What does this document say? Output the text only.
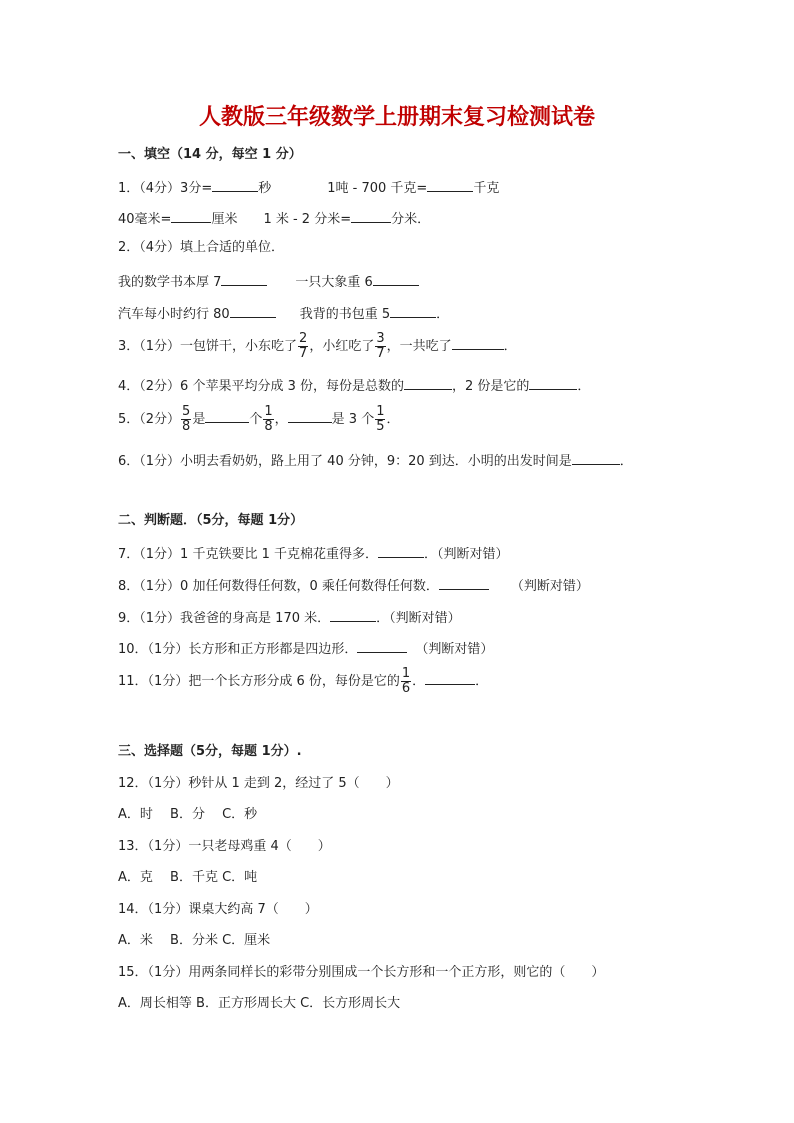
人教版三年级数学上册期末复习检测试卷
一、填空（14 分，每空 1 分）
1．（4分）3分=	秒	1吨 - 700 千克=	千克
40毫米=	厘米 1 米 - 2 分米=	分米．
2．（4分）填上合适的单位．
我的数学书本厚 7	一只大象重 6
汽车每小时约行 80	我背的书包重 5	．
3．（1分）一包饼干，小东吃了 $\frac{2}{7}$ ，小红吃了 $\frac{3}{7}$ ，一共吃了	．
4．（2分）6 个苹果平均分成 3 份，每份是总数的	，2 份是它的	．
5．（2分） $\frac{5}{8}$ 是	个 $\frac{1}{8}$ ，	是 3 个 $\frac{1}{5}$ ．
6．（1分）小明去看奶奶，路上用了 40 分钟，9：20 到达．小明的出发时间是	．
二、判断题．（5分，每题 1分）
7．（1分）1 千克铁要比 1 千克棉花重得多．	．（判断对错）
8．（1分）0 加任何数得任何数，0 乘任何数得任何数．	（判断对错）
9．（1分）我爸爸的身高是 170 米．	．（判断对错）
10．（1分）长方形和正方形都是四边形．	（判断对错）
11．（1分）把一个长方形分成 6 份，每份是它的 $\frac{1}{6}$ ．	．
三、选择题（5分，每题 1分）.
12．（1分）秒针从 1 走到 2，经过了 5（　　）
A．时　 B．分　 C．秒
13．（1分）一只老母鸡重 4（　　）
A．克　 B．千克 C．吨
14．（1分）课桌大约高 7（　　）
A．米　 B．分米 C．厘米
15．（1分）用两条同样长的彩带分别围成一个长方形和一个正方形，则它的（　　）
A．周长相等 B．正方形周长大 C．长方形周长大
